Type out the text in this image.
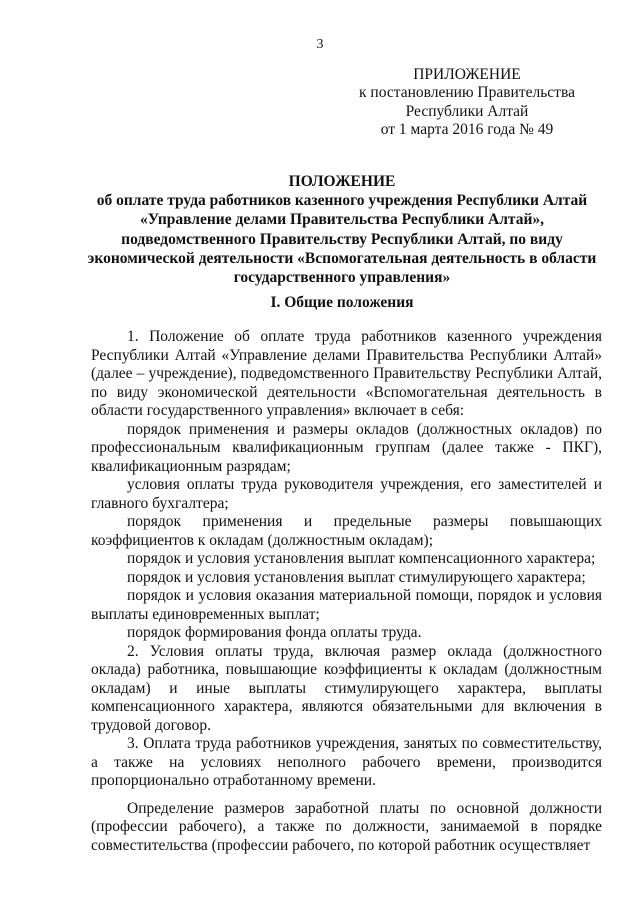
3
ПРИЛОЖЕНИЕ
к постановлению Правительства
Республики Алтай
от 1 марта 2016 года № 49
ПОЛОЖЕНИЕ
об оплате труда работников казенного учреждения Республики Алтай
«Управление делами Правительства Республики Алтай»,
подведомственного Правительству Республики Алтай, по виду
экономической деятельности «Вспомогательная деятельность в области
государственного управления»
I. Общие положения

1. Положение об оплате труда работников казенного учреждения Республики Алтай «Управление делами Правительства Республики Алтай» (далее – учреждение), подведомственного Правительству Республики Алтай, по виду экономической деятельности «Вспомогательная деятельность в области государственного управления» включает в себя:

порядок применения и размеры окладов (должностных окладов) по профессиональным квалификационным группам (далее также - ПКГ), квалификационным разрядам;

условия оплаты труда руководителя учреждения, его заместителей и главного бухгалтера;

порядок применения и предельные размеры повышающих коэффициентов к окладам (должностным окладам);

порядок и условия установления выплат компенсационного характера;

порядок и условия установления выплат стимулирующего характера;

порядок и условия оказания материальной помощи, порядок и условия выплаты единовременных выплат;

порядок формирования фонда оплаты труда.

2. Условия оплаты труда, включая размер оклада (должностного оклада) работника, повышающие коэффициенты к окладам (должностным окладам) и иные выплаты стимулирующего характера, выплаты компенсационного характера, являются обязательными для включения в трудовой договор.

3. Оплата труда работников учреждения, занятых по совместительству, а также на условиях неполного рабочего времени, производится пропорционально отработанному времени.

Определение размеров заработной платы по основной должности (профессии рабочего), а также по должности, занимаемой в порядке совместительства (профессии рабочего, по которой работник осуществляет
